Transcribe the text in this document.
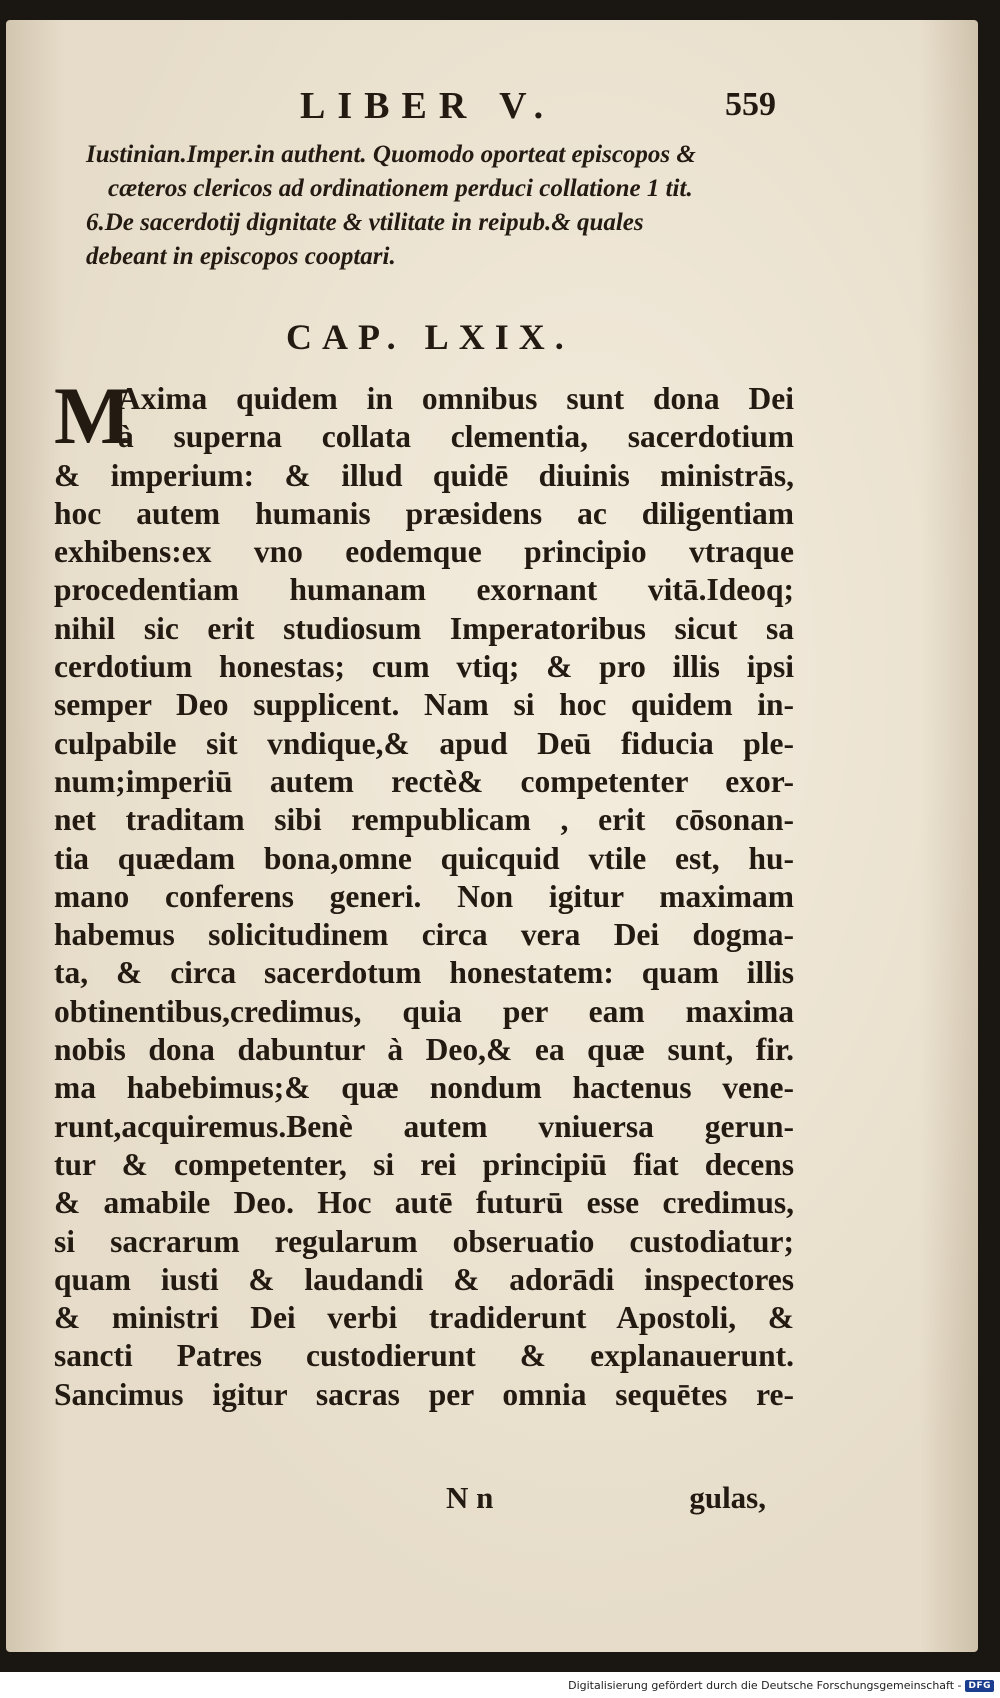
LIBER V.	559
Iustinian.Imper.in authent. Quomodo oporteat episcopos &
cæteros clericos ad ordinationem perduci collatione 1 tit.
6.De sacerdotij dignitate & vtilitate in reipub.& quales
debeant in episcopos cooptari.
CAP. LXIX.
M
Axima quidem in omnibus sunt dona Dei
à superna collata clementia, sacerdotium
& imperium: & illud quidē diuinis ministrās,
hoc autem humanis præsidens ac diligentiam
exhibens:ex vno eodemque principio vtraque
procedentiam humanam exornant vitā.Ideoq;
nihil sic erit studiosum Imperatoribus sicut sa
cerdotium honestas; cum vtiq; & pro illis ipsi
semper Deo supplicent. Nam si hoc quidem in-
culpabile sit vndique,& apud Deū fiducia ple-
num;imperiū autem rectè& competenter exor-
net traditam sibi rempublicam , erit cōsonan-
tia quædam bona,omne quicquid vtile est, hu-
mano conferens generi. Non igitur maximam
habemus solicitudinem circa vera Dei dogma-
ta, & circa sacerdotum honestatem: quam illis
obtinentibus,credimus, quia per eam maxima
nobis dona dabuntur à Deo,& ea quæ sunt, fir.
ma habebimus;& quæ nondum hactenus vene-
runt,acquiremus.Benè autem vniuersa gerun-
tur & competenter, si rei principiū fiat decens
& amabile Deo. Hoc autē futurū esse credimus,
si sacrarum regularum obseruatio custodiatur;
quam iusti & laudandi & adorādi inspectores
& ministri Dei verbi tradiderunt Apostoli, &
sancti Patres custodierunt & explanauerunt.
Sancimus igitur sacras per omnia sequētes re-
N n	gulas,
Digitalisierung gefördert durch die Deutsche Forschungsgemeinschaft - DFG
